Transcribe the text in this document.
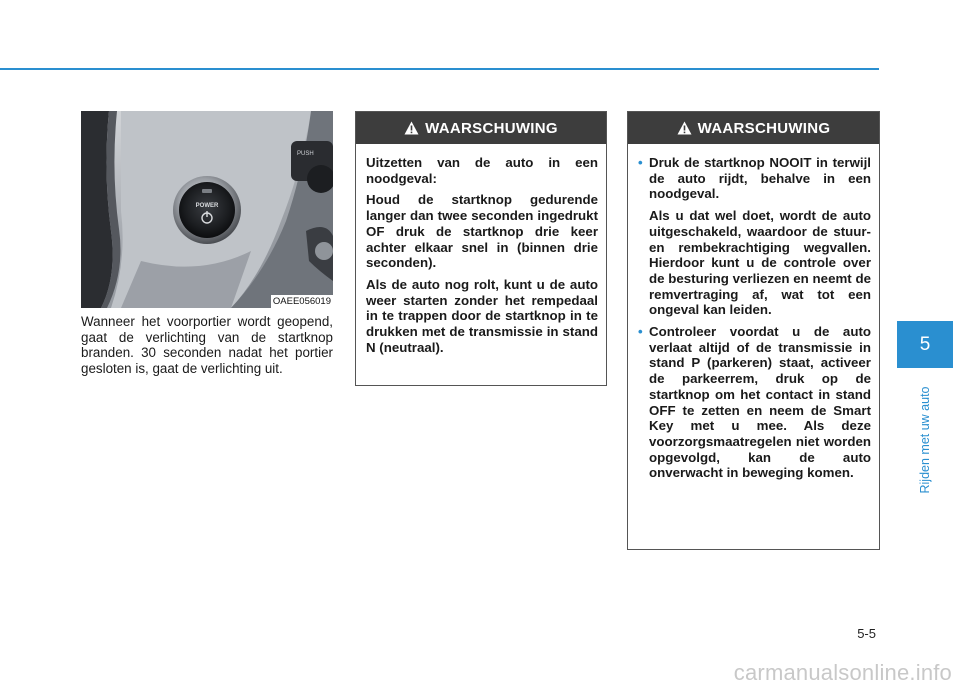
PUSH
POWER
OAEE056019

Wanneer het voorportier wordt geopend, gaat de verlichting van de startknop branden. 30 seconden nadat het portier gesloten is, gaat de verlichting uit.

WAARSCHUWING

Uitzetten van de auto in een noodgeval:

Houd de startknop gedurende langer dan twee seconden ingedrukt OF druk de startknop drie keer achter elkaar snel in (binnen drie seconden).

Als de auto nog rolt, kunt u de auto weer starten zonder het rempedaal in te trappen door de startknop in te drukken met de transmissie in stand N (neutraal).

WAARSCHUWING
• Druk de startknop NOOIT in terwijl de auto rijdt, behalve in een noodgeval.
Als u dat wel doet, wordt de auto uitgeschakeld, waardoor de stuur- en rembekrachtiging wegvallen. Hierdoor kunt u de controle over de besturing verliezen en neemt de remvertraging af, wat tot een ongeval kan leiden.
• Controleer voordat u de auto verlaat altijd of de transmissie in stand P (parkeren) staat, activeer de parkeerrem, druk op de startknop om het contact in stand OFF te zetten en neem de Smart Key met u mee. Als deze voorzorgsmaatregelen niet worden opgevolgd, kan de auto onverwacht in beweging komen.
5
Rijden met uw auto
5-5
carmanualsonline.info
